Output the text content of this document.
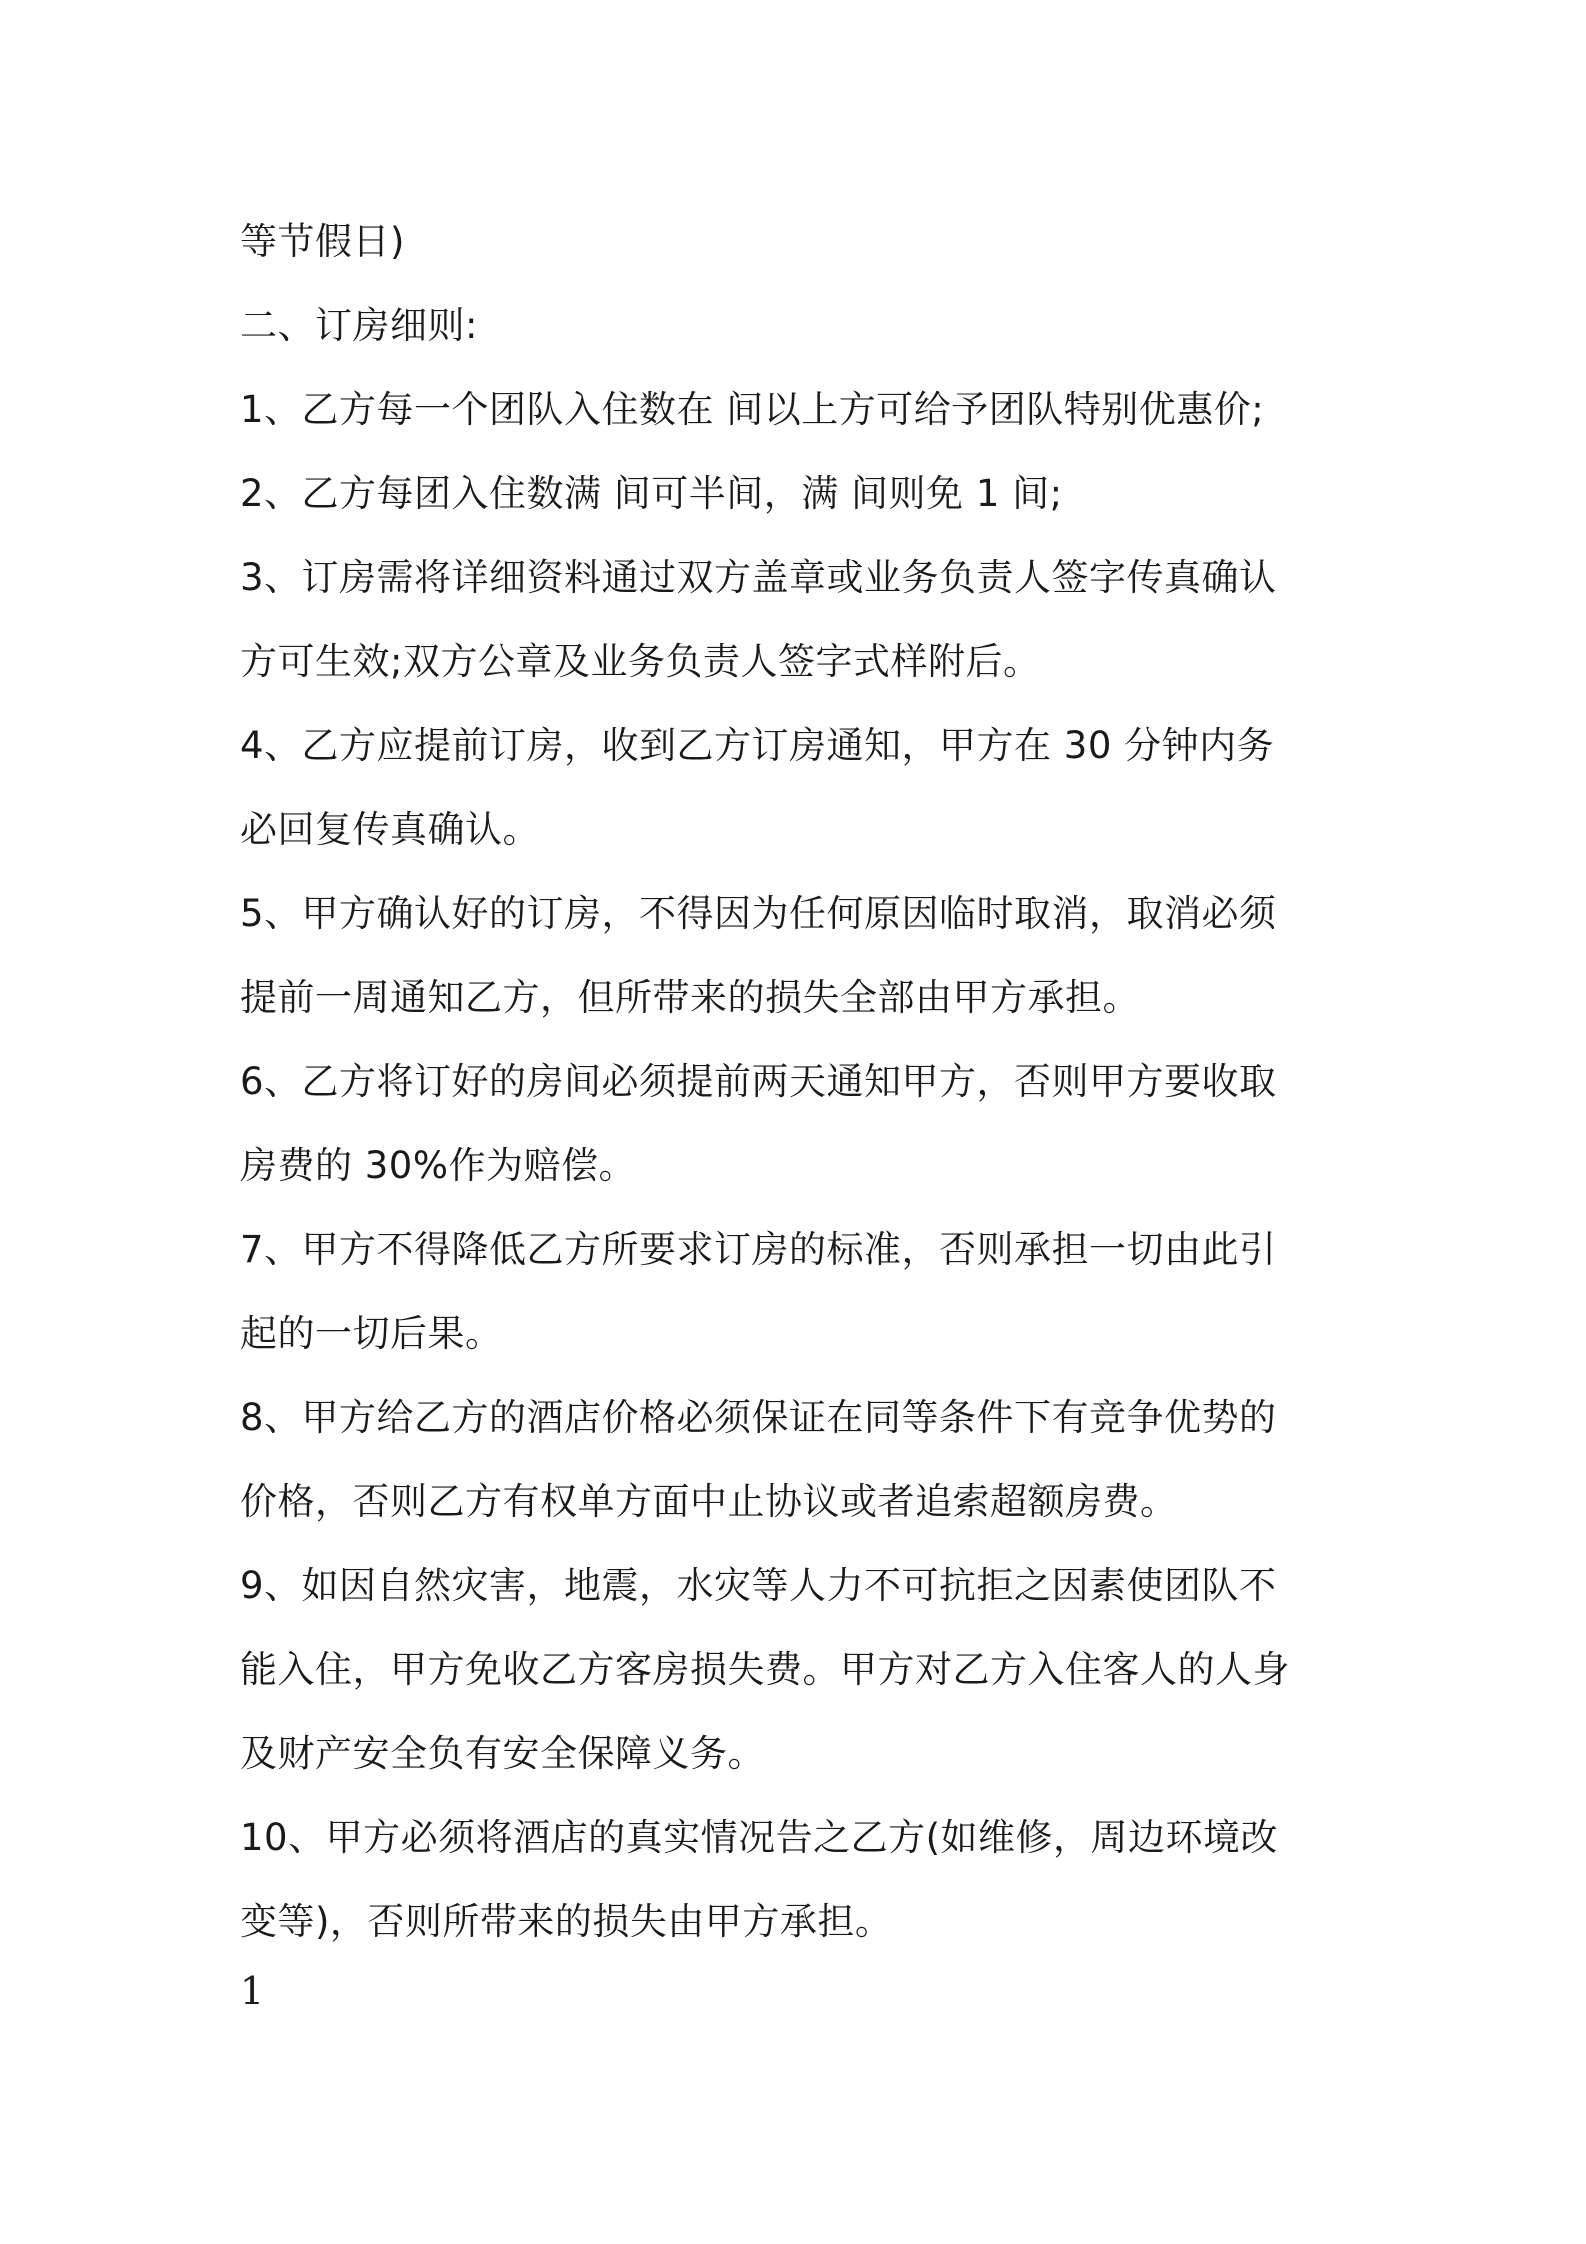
等节假日)
二、订房细则:
1、乙方每一个团队入住数在 间以上方可给予团队特别优惠价;
2、乙方每团入住数满 间可半间，满 间则免 1 间;
3、订房需将详细资料通过双方盖章或业务负责人签字传真确认
方可生效;双方公章及业务负责人签字式样附后。
4、乙方应提前订房，收到乙方订房通知，甲方在 30 分钟内务
必回复传真确认。
5、甲方确认好的订房，不得因为任何原因临时取消，取消必须
提前一周通知乙方，但所带来的损失全部由甲方承担。
6、乙方将订好的房间必须提前两天通知甲方，否则甲方要收取
房费的 30%作为赔偿。
7、甲方不得降低乙方所要求订房的标准，否则承担一切由此引
起的一切后果。
8、甲方给乙方的酒店价格必须保证在同等条件下有竞争优势的
价格，否则乙方有权单方面中止协议或者追索超额房费。
9、如因自然灾害，地震，水灾等人力不可抗拒之因素使团队不
能入住，甲方免收乙方客房损失费。甲方对乙方入住客人的人身
及财产安全负有安全保障义务。
10、甲方必须将酒店的真实情况告之乙方(如维修，周边环境改
变等)，否则所带来的损失由甲方承担。
1
